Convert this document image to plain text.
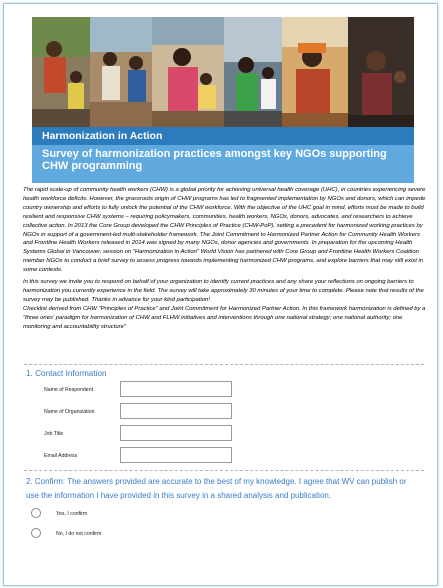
Harmonization in Action
Survey of harmonization practices amongst key NGOs supporting CHW programming

The rapid scale-up of community health workers (CHW) is a global priority for achieving universal health coverage (UHC), in countries experiencing severe health workforce deficits. However, the grassroots origin of CHW programs has led to fragmented implementation by NGOs and donors, which can impede country ownership and efforts to fully unlock the potential of the CHW workforce. With the objective of the UHC goal in mind, efforts must be made to build resilient and responsive CHW systems – requiring policymakers, communities, health workers, NGOs, donors, advocates, and researchers to achieve collective action. In 2013 the Core Group developed the CHW Principles of Practice (CHW-PoP), setting a precedent for harmonized working practices by NGOs in support of a government-led multi-stakeholder framework. The Joint Commitment to Harmonized Partner Action for Community Health Workers and Frontline Health Workers released in 2014 was signed by many NGOs, donor agencies and governments. In preparation for the upcoming Health Systems Global in Vancouver, session on "Harmonization in Action" World Vision has partnered with Core Group and Frontline Health Workers Coalition member NGOs to conduct a brief survey to assess progress towards implementing harmonized CHW programs, and explore barriers that may still exist in some contexts.

In this survey we invite you to respond on behalf of your organization to identify current practices and any share your reflections on ongoing barriers to harmonization you currently experience in the field. The survey will take approximately 30 minutes of your time to complete. Please note that results of the survey may be published. Thanks in advance for your kind participation!

Checklist derived from CHW "Principles of Practice" and Joint Commitment for Harmonized Partner Action. In this framework harmonization is defined by a "three ones' paradigm for harmonization of CHW and FLHW initiatives and interventions through one national strategy; one national authority; one monitoring and accountability structure"

1. Contact Information
Name of Respondent
Name of Organization
Job Title
Email Address
2. Confirm: The answers provided are accurate to the best of my knowledge. I agree that WV can publish or use the information I have provided in this survey in a shared analysis and publication.
Yes, I confirm
No, I do not confirm
